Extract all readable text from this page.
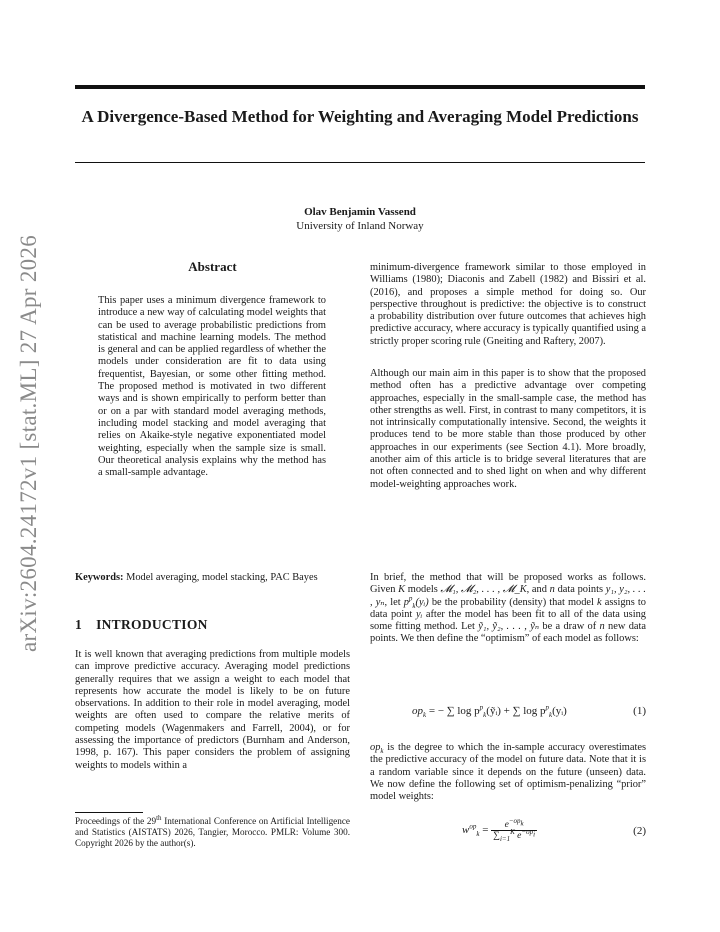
A Divergence-Based Method for Weighting and Averaging Model Predictions
Olav Benjamin Vassend
University of Inland Norway
arXiv:2604.24172v1 [stat.ML] 27 Apr 2026	Abstract
This paper uses a minimum divergence framework to introduce a new way of calculating model weights that can be used to average probabilistic predictions from statistical and machine learning models. The method is general and can be applied regardless of whether the models under consideration are fit to data using frequentist, Bayesian, or some other fitting method. The proposed method is motivated in two different ways and is shown empirically to perform better than or on a par with standard model averaging methods, including model stacking and model averaging that relies on Akaike-style negative exponentiated model weighting, especially when the sample size is small. Our theoretical analysis explains why the method has a small-sample advantage.
Keywords: Model averaging, model stacking, PAC Bayes
1 INTRODUCTION
It is well known that averaging predictions from multiple models can improve predictive accuracy. Averaging model predictions generally requires that we assign a weight to each model that represents how accurate the model is likely to be on future observations. In addition to their role in model averaging, model weights are often used to compare the relative merits of competing models (Wagenmakers and Farrell, 2004), or for assessing the importance of predictors (Burnham and Anderson, 1998, p. 167). This paper considers the problem of assigning weights to models within a
Proceedings of the 29th International Conference on Artificial Intelligence and Statistics (AISTATS) 2026, Tangier, Morocco. PMLR: Volume 300. Copyright 2026 by the author(s).
minimum-divergence framework similar to those employed in Williams (1980); Diaconis and Zabell (1982) and Bissiri et al. (2016), and proposes a simple method for doing so. Our perspective throughout is predictive: the objective is to construct a probability distribution over future outcomes that achieves high predictive accuracy, where accuracy is typically quantified using a strictly proper scoring rule (Gneiting and Raftery, 2007).
Although our main aim in this paper is to show that the proposed method often has a predictive advantage over competing approaches, especially in the small-sample case, the method has other strengths as well. First, in contrast to many competitors, it is not intrinsically computationally intensive. Second, the weights it produces tend to be more stable than those produced by other approaches in our experiments (see Section 4.1). More broadly, another aim of this article is to bridge several literatures that are not often connected and to shed light on when and why different model-weighting approaches work.
In brief, the method that will be proposed works as follows. Given K models 𝓜₁, 𝓜₂, . . . , 𝓜_K, and n data points y₁, y₂, . . . , yₙ, let $p^p_k(yᵢ)$ be the probability (density) that model k assigns to data point yᵢ after the model has been fit to all of the data using some fitting method. Let ỹ₁, ỹ₂, . . . , ỹₙ be a draw of n new data points. We then define the “optimism” of each model as follows:
$op_k$ = − ∑ $\log p^p_k(ỹᵢ)$ + ∑ $\log p^p_k(yᵢ)$	(1)
$op_k$ is the degree to which the in-sample accuracy overestimates the predictive accuracy of the model on future data. Note that it is a random variable since it depends on the future (unseen) data. We now define the following set of optimism-penalizing “prior” model weights:
$w^{op}_k = \frac{e^{-op_k}}{\sum_{i=1}^K e^{-op_i}}$	(2)
